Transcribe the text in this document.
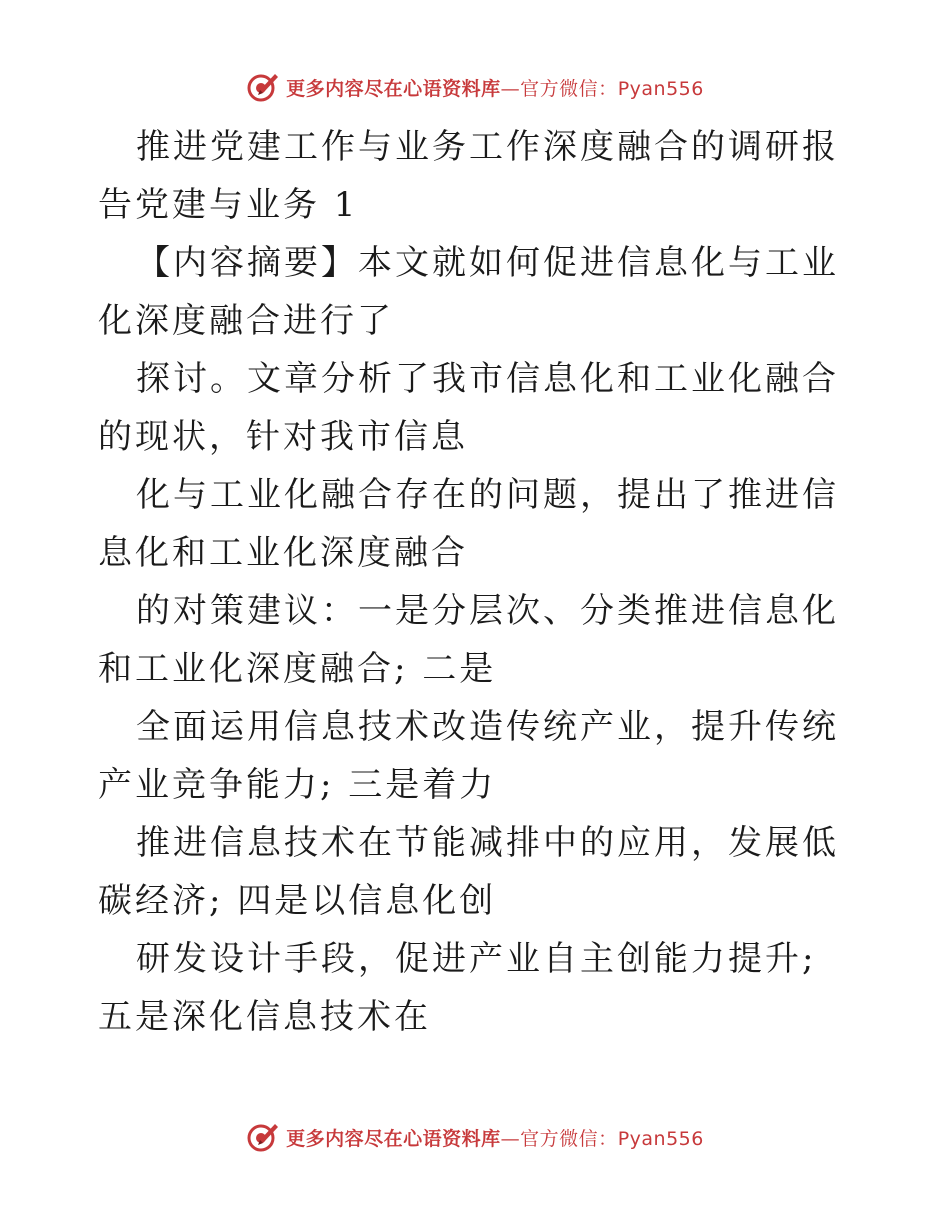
更多内容尽在心语资料库—官方微信：Pyan556

推进党建工作与业务工作深度融合的调研报告党建与业务 1

【内容摘要】本文就如何促进信息化与工业化深度融合进行了

探讨。文章分析了我市信息化和工业化融合的现状，针对我市信息

化与工业化融合存在的问题，提出了推进信息化和工业化深度融合

的对策建议：一是分层次、分类推进信息化和工业化深度融合; 二是

全面运用信息技术改造传统产业，提升传统产业竞争能力; 三是着力

推进信息技术在节能减排中的应用，发展低碳经济; 四是以信息化创

研发设计手段，促进产业自主创能力提升; 五是深化信息技术在

更多内容尽在心语资料库—官方微信：Pyan556
